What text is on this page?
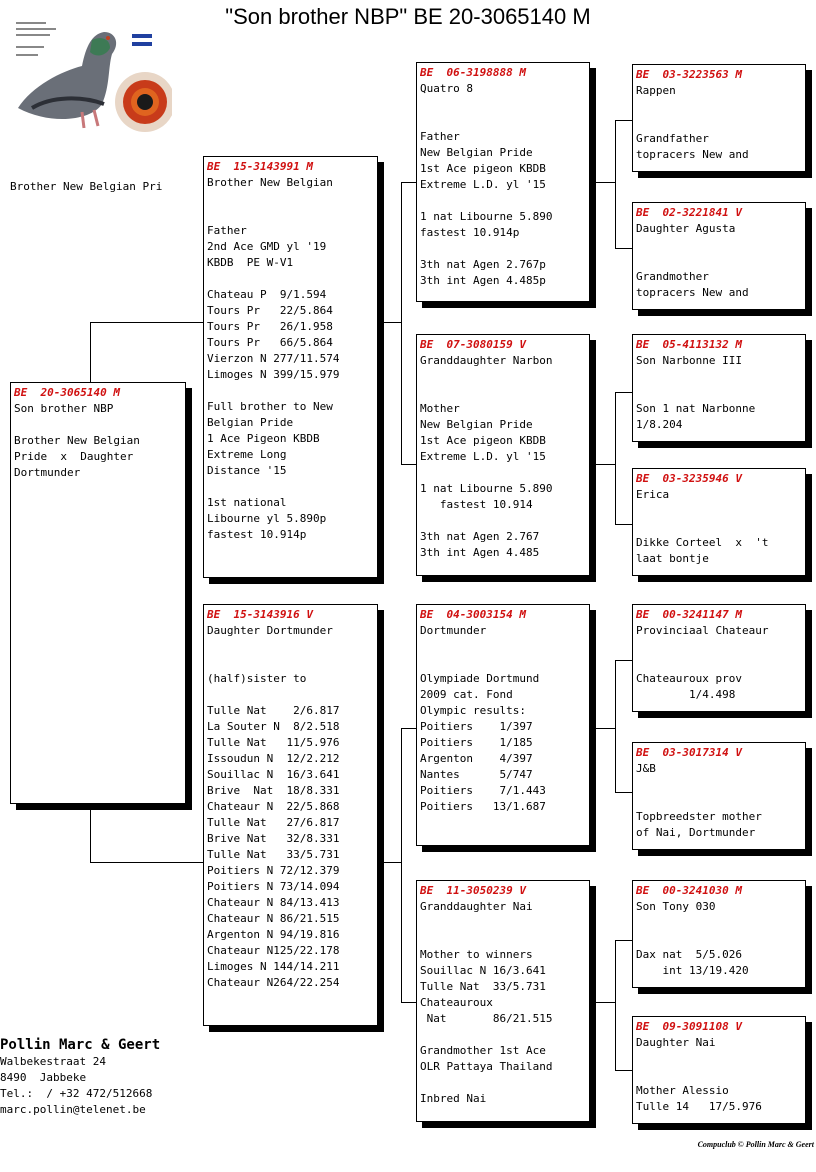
"Son brother NBP" BE 20-3065140 M
Brother New Belgian Pri
BE  20-3065140 M
Son brother NBP
Brother New Belgian
Pride  x  Daughter
Dortmunder
BE  15-3143991 M
Brother New Belgian
Father
2nd Ace GMD yl '19
KBDB  PE W-V1
Chateau P  9/1.594
Tours Pr   22/5.864
Tours Pr   26/1.958
Tours Pr   66/5.864
Vierzon N 277/11.574
Limoges N 399/15.979
Full brother to New
Belgian Pride
1 Ace Pigeon KBDB
Extreme Long
Distance '15
1st national
Libourne yl 5.890p
fastest 10.914p
BE  15-3143916 V
Daughter Dortmunder
(half)sister to
Tulle Nat    2/6.817
La Souter N  8/2.518
Tulle Nat   11/5.976
Issoudun N  12/2.212
Souillac N  16/3.641
Brive  Nat  18/8.331
Chateaur N  22/5.868
Tulle Nat   27/6.817
Brive Nat   32/8.331
Tulle Nat   33/5.731
Poitiers N 72/12.379
Poitiers N 73/14.094
Chateaur N 84/13.413
Chateaur N 86/21.515
Argenton N 94/19.816
Chateaur N125/22.178
Limoges N 144/14.211
Chateaur N264/22.254
BE  06-3198888 M
Quatro 8
Father
New Belgian Pride
1st Ace pigeon KBDB
Extreme L.D. yl '15
1 nat Libourne 5.890
fastest 10.914p
3th nat Agen 2.767p
3th int Agen 4.485p
BE  07-3080159 V
Granddaughter Narbon
Mother
New Belgian Pride
1st Ace pigeon KBDB
Extreme L.D. yl '15
1 nat Libourne 5.890
fastest 10.914
3th nat Agen 2.767
3th int Agen 4.485
BE  04-3003154 M
Dortmunder
Olympiade Dortmund
2009 cat. Fond
Olympic results:
Poitiers    1/397
Poitiers    1/185
Argenton    4/397
Nantes      5/747
Poitiers    7/1.443
Poitiers   13/1.687
BE  11-3050239 V
Granddaughter Nai
Mother to winners
Souillac N 16/3.641
Tulle Nat  33/5.731
Chateauroux
Nat       86/21.515
Grandmother 1st Ace
OLR Pattaya Thailand
Inbred Nai
BE  03-3223563 M
Rappen
Grandfather
topracers New and
BE  02-3221841 V
Daughter Agusta
Grandmother
topracers New and
BE  05-4113132 M
Son Narbonne III
Son 1 nat Narbonne
1/8.204
BE  03-3235946 V
Erica
Dikke Corteel  x  't
laat bontje
BE  00-3241147 M
Provinciaal Chateaur
Chateauroux prov
1/4.498
BE  03-3017314 V
J&B
Topbreedster mother
of Nai, Dortmunder
BE  00-3241030 M
Son Tony 030
Dax nat  5/5.026
int 13/19.420
BE  09-3091108 V
Daughter Nai
Mother Alessio
Tulle 14   17/5.976
Pollin Marc & Geert
Walbekestraat 24
8490  Jabbeke
Tel.:  / +32 472/512668
marc.pollin@telenet.be
Compuclub © Pollin Marc & Geert
